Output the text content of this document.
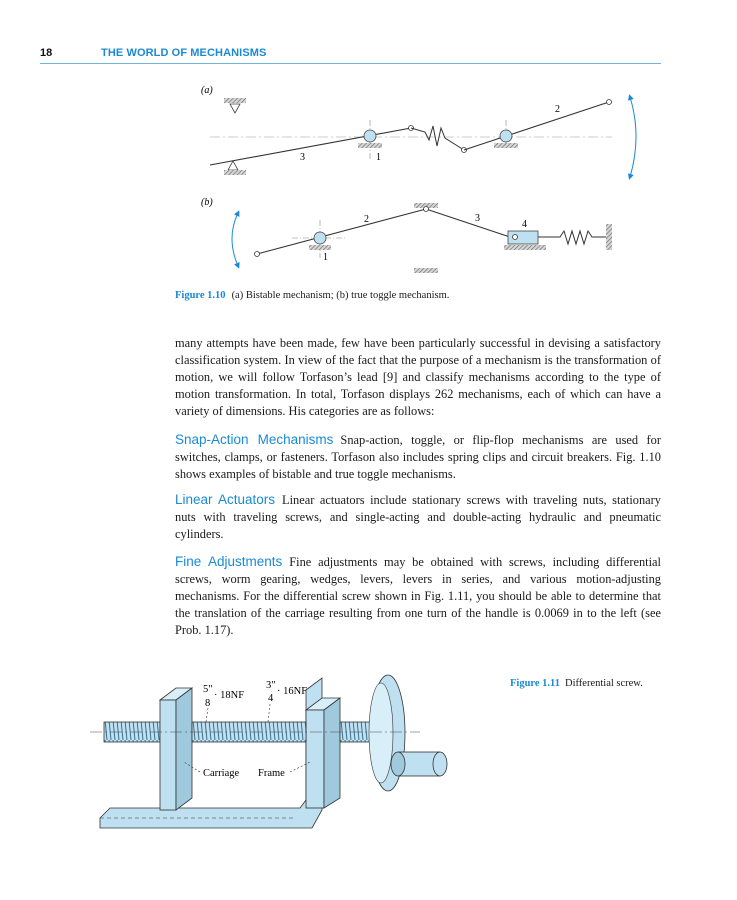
18	THE WORLD OF MECHANISMS
(a)
3	1
2
(b)
2	3
4
1
Figure 1.10 (a) Bistable mechanism; (b) true toggle mechanism.

many attempts have been made, few have been particularly successful in devising a satisfactory classification system. In view of the fact that the purpose of a mechanism is the transformation of motion, we will follow Torfason’s lead [9] and classify mechanisms according to the type of motion transformation. In total, Torfason displays 262 mechanisms, each of which can have a variety of dimensions. His categories are as follows:

Snap-Action Mechanisms Snap-action, toggle, or flip-flop mechanisms are used for switches, clamps, or fasteners. Torfason also includes spring clips and circuit breakers. Fig. 1.10 shows examples of bistable and true toggle mechanisms.

Linear Actuators Linear actuators include stationary screws with traveling nuts, stationary nuts with traveling screws, and single-acting and double-acting hydraulic and pneumatic cylinders.

Fine Adjustments Fine adjustments may be obtained with screws, including differential screws, worm gearing, wedges, levers, levers in series, and various motion-adjusting mechanisms. For the differential screw shown in Fig. 1.11, you should be able to determine that the translation of the carriage resulting from one turn of the handle is 0.0069 in to the left (see Prob. 1.17).

5"
8
· 18NF
3"
4
· 16NF
Carriage Frame
Figure 1.11 Differential screw.
